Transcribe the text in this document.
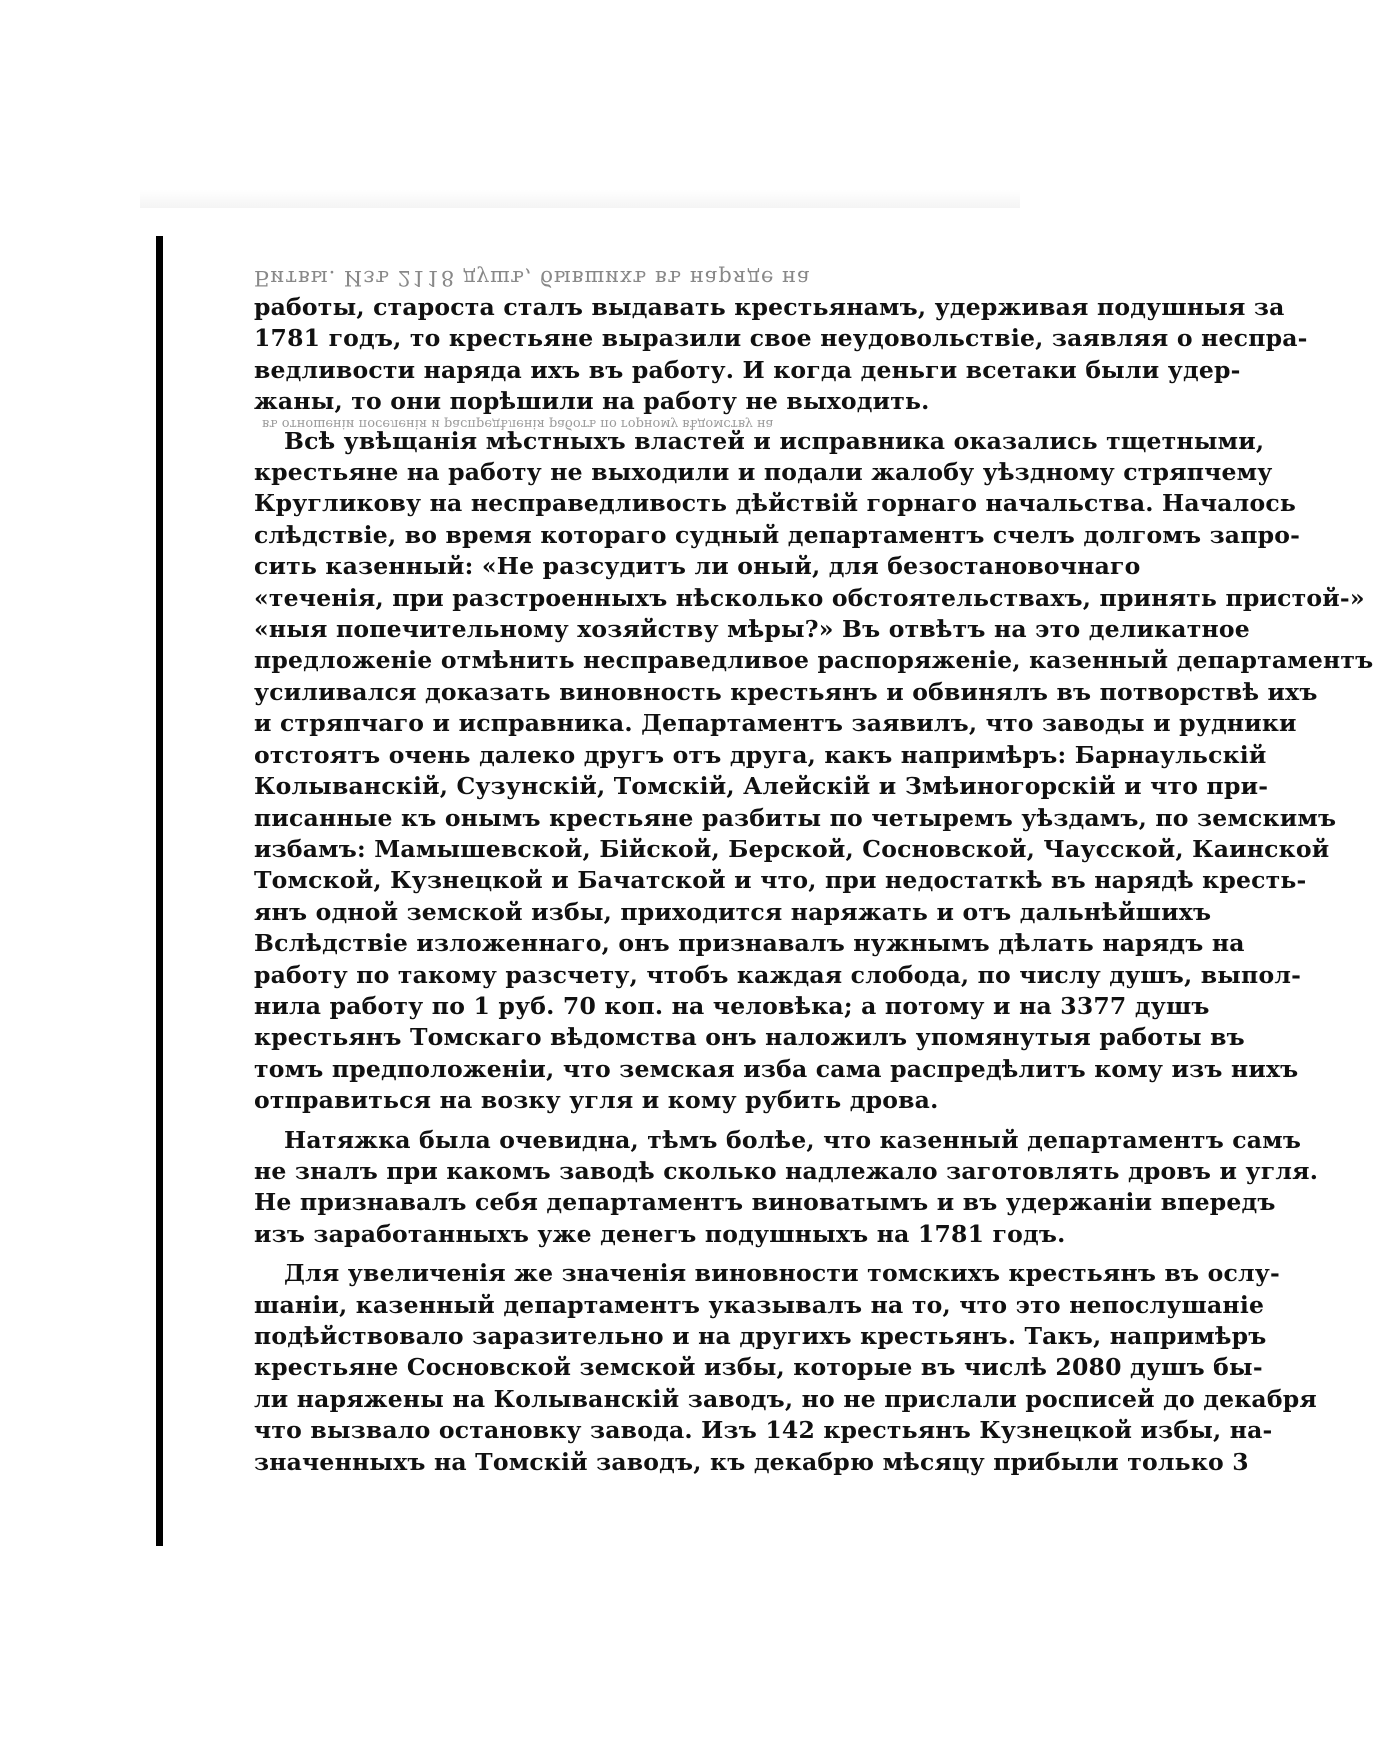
Битвы. Изъ 2118 душъ, бывшихъ въ наряде на
въ отношеніи поселенія и распредѣленія работъ по горному вѣдомству на

работы, староста сталъ выдавать крестьянамъ, удерживая подушныя за
1781 годъ, то крестьяне выразили свое неудовольствіе, заявляя о неспра-
ведливости наряда ихъ въ работу. И когда деньги всетаки были удер-
жаны, то они порѣшили на работу не выходить.

Всѣ увѣщанія мѣстныхъ властей и исправника оказались тщетными,
крестьяне на работу не выходили и подали жалобу уѣздному стряпчему
Кругликову на несправедливость дѣйствій горнаго начальства. Началось
слѣдствіе, во время котораго судный департаментъ счелъ долгомъ запро-
сить казенный: «Не разсудитъ ли оный, для безостановочнаго
«теченія, при разстроенныхъ нѣсколько обстоятельствахъ, принять пристой-»
«ныя попечительному хозяйству мѣры?» Въ отвѣтъ на это деликатное
предложеніе отмѣнить несправедливое распоряженіе, казенный департаментъ
усиливался доказать виновность крестьянъ и обвинялъ въ потворствѣ ихъ
и стряпчаго и исправника. Департаментъ заявилъ, что заводы и рудники
отстоятъ очень далеко другъ отъ друга, какъ напримѣръ: Барнаульскій
Колыванскій, Сузунскій, Томскій, Алейскій и Змѣиногорскій и что при-
писанные къ онымъ крестьяне разбиты по четыремъ уѣздамъ, по земскимъ
избамъ: Мамышевской, Бійской, Берской, Сосновской, Чаусской, Каинской
Томской, Кузнецкой и Бачатской и что, при недостаткѣ въ нарядѣ кресть-
янъ одной земской избы, приходится наряжать и отъ дальнѣйшихъ
Вслѣдствіе изложеннаго, онъ признавалъ нужнымъ дѣлать нарядъ на
работу по такому разсчету, чтобъ каждая слобода, по числу душъ, выпол-
нила работу по 1 руб. 70 коп. на человѣка; а потому и на 3377 душъ
крестьянъ Томскаго вѣдомства онъ наложилъ упомянутыя работы въ
томъ предположеніи, что земская изба сама распредѣлитъ кому изъ нихъ
отправиться на возку угля и кому рубить дрова.

Натяжка была очевидна, тѣмъ болѣе, что казенный департаментъ самъ
не зналъ при какомъ заводѣ сколько надлежало заготовлять дровъ и угля.
Не признавалъ себя департаментъ виноватымъ и въ удержаніи впередъ
изъ заработанныхъ уже денегъ подушныхъ на 1781 годъ.

Для увеличенія же значенія виновности томскихъ крестьянъ въ ослу-
шаніи, казенный департаментъ указывалъ на то, что это непослушаніе
подѣйствовало заразительно и на другихъ крестьянъ. Такъ, напримѣръ
крестьяне Сосновской земской избы, которые въ числѣ 2080 душъ бы-
ли наряжены на Колыванскій заводъ, но не прислали росписей до декабря
что вызвало остановку завода. Изъ 142 крестьянъ Кузнецкой избы, на-
значенныхъ на Томскій заводъ, къ декабрю мѣсяцу прибыли только 3
